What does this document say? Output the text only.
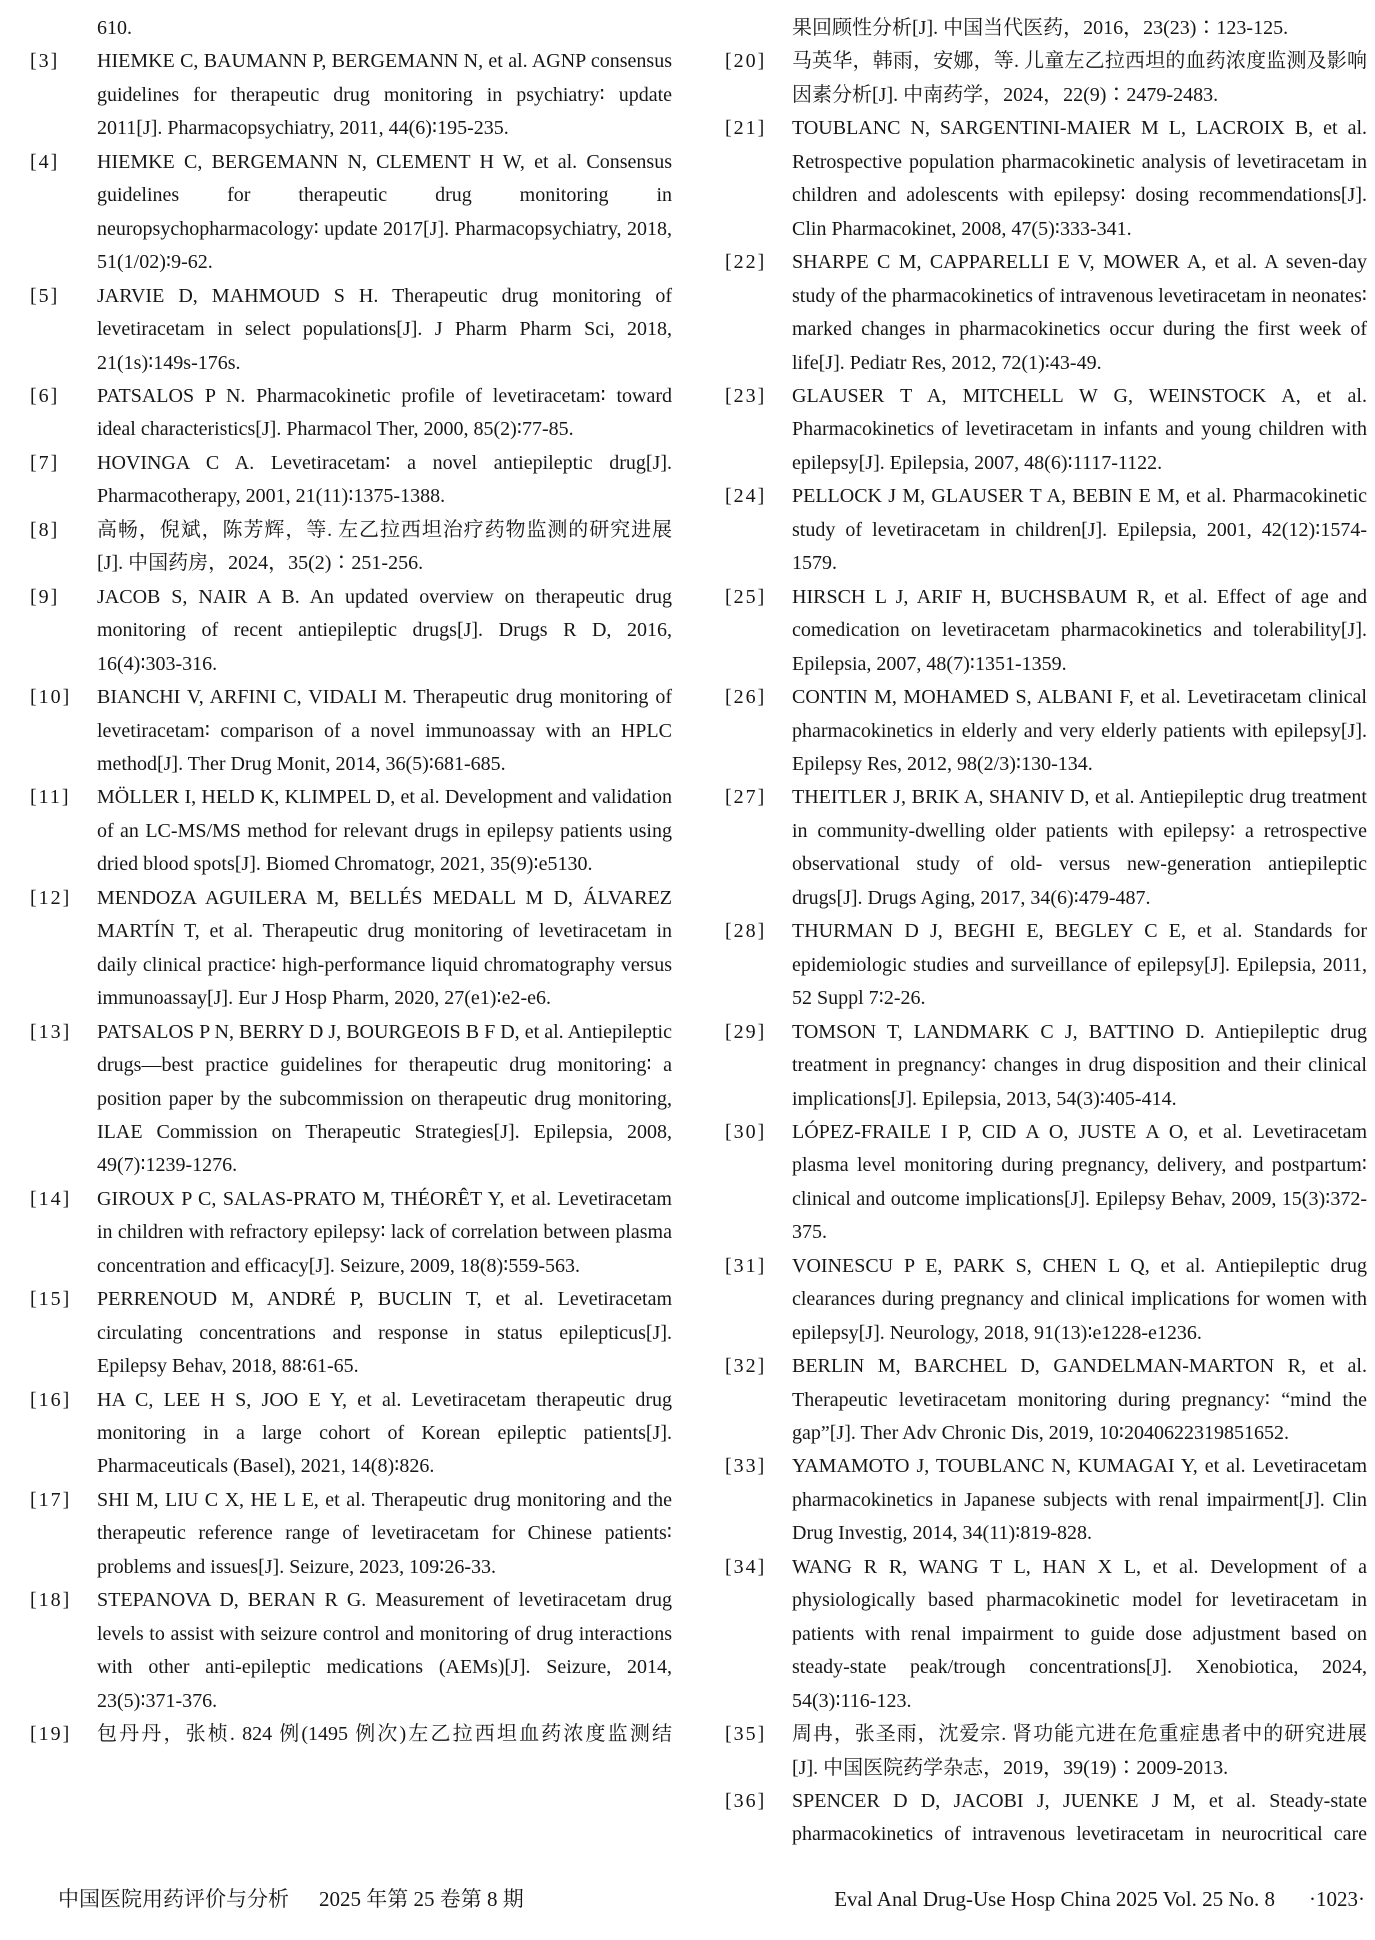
610.
[3] HIEMKE C, BAUMANN P, BERGEMANN N, et al. AGNP consensus guidelines for therapeutic drug monitoring in psychiatry∶ update 2011[J]. Pharmacopsychiatry, 2011, 44(6)∶195-235.
[4] HIEMKE C, BERGEMANN N, CLEMENT H W, et al. Consensus guidelines for therapeutic drug monitoring in neuropsychopharmacology∶ update 2017[J]. Pharmacopsychiatry, 2018, 51(1/02)∶9-62.
[5] JARVIE D, MAHMOUD S H. Therapeutic drug monitoring of levetiracetam in select populations[J]. J Pharm Pharm Sci, 2018, 21(1s)∶149s-176s.
[6] PATSALOS P N. Pharmacokinetic profile of levetiracetam∶ toward ideal characteristics[J]. Pharmacol Ther, 2000, 85(2)∶77-85.
[7] HOVINGA C A. Levetiracetam∶ a novel antiepileptic drug[J]. Pharmacotherapy, 2001, 21(11)∶1375-1388.
[8] 高畅，倪斌，陈芳辉，等. 左乙拉西坦治疗药物监测的研究进展[J]. 中国药房，2024，35(2)∶251-256.
[9] JACOB S, NAIR A B. An updated overview on therapeutic drug monitoring of recent antiepileptic drugs[J]. Drugs R D, 2016, 16(4)∶303-316.
[10] BIANCHI V, ARFINI C, VIDALI M. Therapeutic drug monitoring of levetiracetam∶ comparison of a novel immunoassay with an HPLC method[J]. Ther Drug Monit, 2014, 36(5)∶681-685.
[11] MÖLLER I, HELD K, KLIMPEL D, et al. Development and validation of an LC-MS/MS method for relevant drugs in epilepsy patients using dried blood spots[J]. Biomed Chromatogr, 2021, 35(9)∶e5130.
[12] MENDOZA AGUILERA M, BELLÉS MEDALL M D, ÁLVAREZ MARTÍN T, et al. Therapeutic drug monitoring of levetiracetam in daily clinical practice∶ high-performance liquid chromatography versus immunoassay[J]. Eur J Hosp Pharm, 2020, 27(e1)∶e2-e6.
[13] PATSALOS P N, BERRY D J, BOURGEOIS B F D, et al. Antiepileptic drugs—best practice guidelines for therapeutic drug monitoring∶ a position paper by the subcommission on therapeutic drug monitoring, ILAE Commission on Therapeutic Strategies[J]. Epilepsia, 2008, 49(7)∶1239-1276.
[14] GIROUX P C, SALAS-PRATO M, THÉORÊT Y, et al. Levetiracetam in children with refractory epilepsy∶ lack of correlation between plasma concentration and efficacy[J]. Seizure, 2009, 18(8)∶559-563.
[15] PERRENOUD M, ANDRÉ P, BUCLIN T, et al. Levetiracetam circulating concentrations and response in status epilepticus[J]. Epilepsy Behav, 2018, 88∶61-65.
[16] HA C, LEE H S, JOO E Y, et al. Levetiracetam therapeutic drug monitoring in a large cohort of Korean epileptic patients[J]. Pharmaceuticals (Basel), 2021, 14(8)∶826.
[17] SHI M, LIU C X, HE L E, et al. Therapeutic drug monitoring and the therapeutic reference range of levetiracetam for Chinese patients∶ problems and issues[J]. Seizure, 2023, 109∶26-33.
[18] STEPANOVA D, BERAN R G. Measurement of levetiracetam drug levels to assist with seizure control and monitoring of drug interactions with other anti-epileptic medications (AEMs)[J]. Seizure, 2014, 23(5)∶371-376.
[19] 包丹丹，张桢. 824 例(1495 例次)左乙拉西坦血药浓度监测结
果回顾性分析[J]. 中国当代医药，2016，23(23)∶123-125.
[20] 马英华，韩雨，安娜，等. 儿童左乙拉西坦的血药浓度监测及影响因素分析[J]. 中南药学，2024，22(9)∶2479-2483.
[21] TOUBLANC N, SARGENTINI-MAIER M L, LACROIX B, et al. Retrospective population pharmacokinetic analysis of levetiracetam in children and adolescents with epilepsy∶ dosing recommendations[J]. Clin Pharmacokinet, 2008, 47(5)∶333-341.
[22] SHARPE C M, CAPPARELLI E V, MOWER A, et al. A seven-day study of the pharmacokinetics of intravenous levetiracetam in neonates∶ marked changes in pharmacokinetics occur during the first week of life[J]. Pediatr Res, 2012, 72(1)∶43-49.
[23] GLAUSER T A, MITCHELL W G, WEINSTOCK A, et al. Pharmacokinetics of levetiracetam in infants and young children with epilepsy[J]. Epilepsia, 2007, 48(6)∶1117-1122.
[24] PELLOCK J M, GLAUSER T A, BEBIN E M, et al. Pharmacokinetic study of levetiracetam in children[J]. Epilepsia, 2001, 42(12)∶1574-1579.
[25] HIRSCH L J, ARIF H, BUCHSBAUM R, et al. Effect of age and comedication on levetiracetam pharmacokinetics and tolerability[J]. Epilepsia, 2007, 48(7)∶1351-1359.
[26] CONTIN M, MOHAMED S, ALBANI F, et al. Levetiracetam clinical pharmacokinetics in elderly and very elderly patients with epilepsy[J]. Epilepsy Res, 2012, 98(2/3)∶130-134.
[27] THEITLER J, BRIK A, SHANIV D, et al. Antiepileptic drug treatment in community-dwelling older patients with epilepsy∶ a retrospective observational study of old- versus new-generation antiepileptic drugs[J]. Drugs Aging, 2017, 34(6)∶479-487.
[28] THURMAN D J, BEGHI E, BEGLEY C E, et al. Standards for epidemiologic studies and surveillance of epilepsy[J]. Epilepsia, 2011, 52 Suppl 7∶2-26.
[29] TOMSON T, LANDMARK C J, BATTINO D. Antiepileptic drug treatment in pregnancy∶ changes in drug disposition and their clinical implications[J]. Epilepsia, 2013, 54(3)∶405-414.
[30] LÓPEZ-FRAILE I P, CID A O, JUSTE A O, et al. Levetiracetam plasma level monitoring during pregnancy, delivery, and postpartum∶ clinical and outcome implications[J]. Epilepsy Behav, 2009, 15(3)∶372-375.
[31] VOINESCU P E, PARK S, CHEN L Q, et al. Antiepileptic drug clearances during pregnancy and clinical implications for women with epilepsy[J]. Neurology, 2018, 91(13)∶e1228-e1236.
[32] BERLIN M, BARCHEL D, GANDELMAN-MARTON R, et al. Therapeutic levetiracetam monitoring during pregnancy∶ “mind the gap”[J]. Ther Adv Chronic Dis, 2019, 10∶2040622319851652.
[33] YAMAMOTO J, TOUBLANC N, KUMAGAI Y, et al. Levetiracetam pharmacokinetics in Japanese subjects with renal impairment[J]. Clin Drug Investig, 2014, 34(11)∶819-828.
[34] WANG R R, WANG T L, HAN X L, et al. Development of a physiologically based pharmacokinetic model for levetiracetam in patients with renal impairment to guide dose adjustment based on steady-state peak/trough concentrations[J]. Xenobiotica, 2024, 54(3)∶116-123.
[35] 周冉，张圣雨，沈爱宗. 肾功能亢进在危重症患者中的研究进展[J]. 中国医院药学杂志，2019，39(19)∶2009-2013.
[36] SPENCER D D, JACOBI J, JUENKE J M, et al. Steady-state pharmacokinetics of intravenous levetiracetam in neurocritical care
中国医院用药评价与分析 2025 年第 25 卷第 8 期	Eval Anal Drug-Use Hosp China 2025 Vol. 25 No. 8 ·1023·
